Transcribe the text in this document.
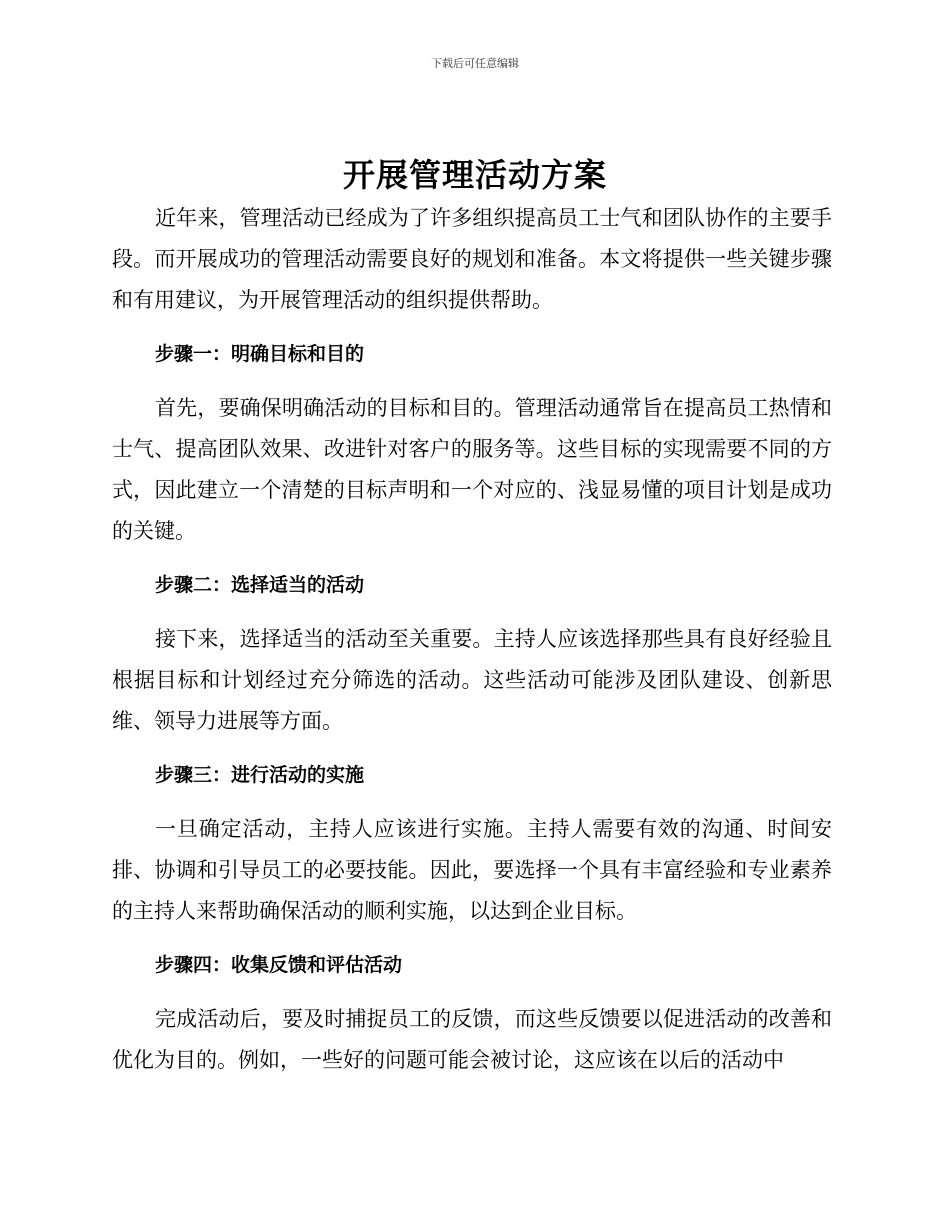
下载后可任意编辑
开展管理活动方案

近年来，管理活动已经成为了许多组织提高员工士气和团队协作的主要手段。而开展成功的管理活动需要良好的规划和准备。本文将提供一些关键步骤和有用建议，为开展管理活动的组织提供帮助。

步骤一：明确目标和目的

首先，要确保明确活动的目标和目的。管理活动通常旨在提高员工热情和士气、提高团队效果、改进针对客户的服务等。这些目标的实现需要不同的方式，因此建立一个清楚的目标声明和一个对应的、浅显易懂的项目计划是成功的关键。

步骤二：选择适当的活动

接下来，选择适当的活动至关重要。主持人应该选择那些具有良好经验且根据目标和计划经过充分筛选的活动。这些活动可能涉及团队建设、创新思维、领导力进展等方面。

步骤三：进行活动的实施

一旦确定活动，主持人应该进行实施。主持人需要有效的沟通、时间安排、协调和引导员工的必要技能。因此，要选择一个具有丰富经验和专业素养的主持人来帮助确保活动的顺利实施，以达到企业目标。

步骤四：收集反馈和评估活动

完成活动后，要及时捕捉员工的反馈，而这些反馈要以促进活动的改善和优化为目的。例如，一些好的问题可能会被讨论，这应该在以后的活动中
